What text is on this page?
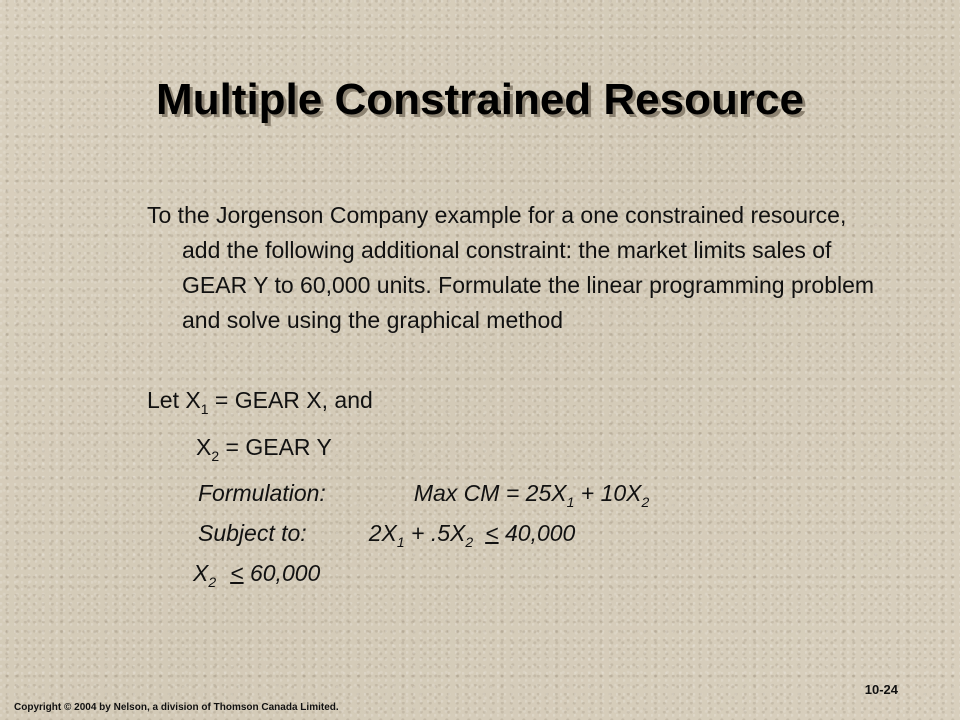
Multiple Constrained Resource

To the Jorgenson Company example for a one constrained resource, add the following additional constraint: the market limits sales of GEAR Y to 60,000 units. Formulate the linear programming problem and solve using the graphical method

Let $X_1$ = GEAR X, and

$X_2$ = GEAR Y

Formulation:	Max CM = $25X_1 + 10X_2$

Subject to:	$2X_1 + .5X_2 < 40,000$

$X_2 < 60,000$

10-24
Copyright © 2004 by Nelson, a division of Thomson Canada Limited.
